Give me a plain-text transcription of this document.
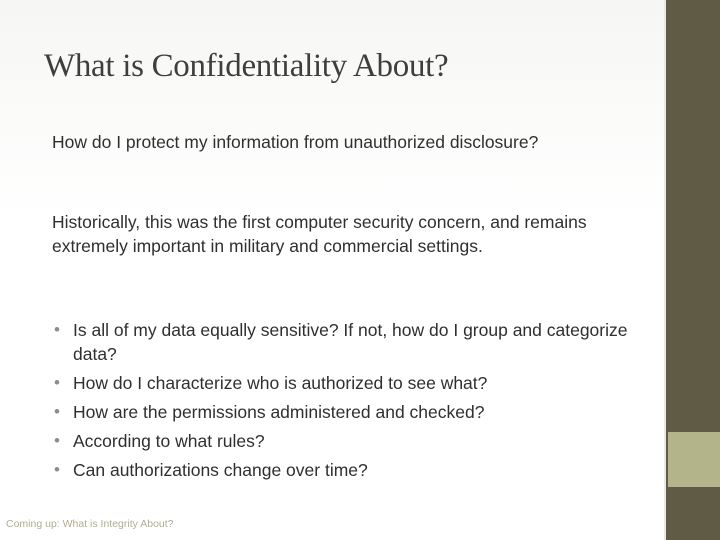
What is Confidentiality About?

How do I protect my information from unauthorized disclosure?

Historically, this was the first computer security concern, and remains extremely important in military and commercial settings.

• Is all of my data equally sensitive? If not, how do I group and categorize data?
• How do I characterize who is authorized to see what?
• How are the permissions administered and checked?
• According to what rules?
• Can authorizations change over time?
Coming up: What is Integrity About?
